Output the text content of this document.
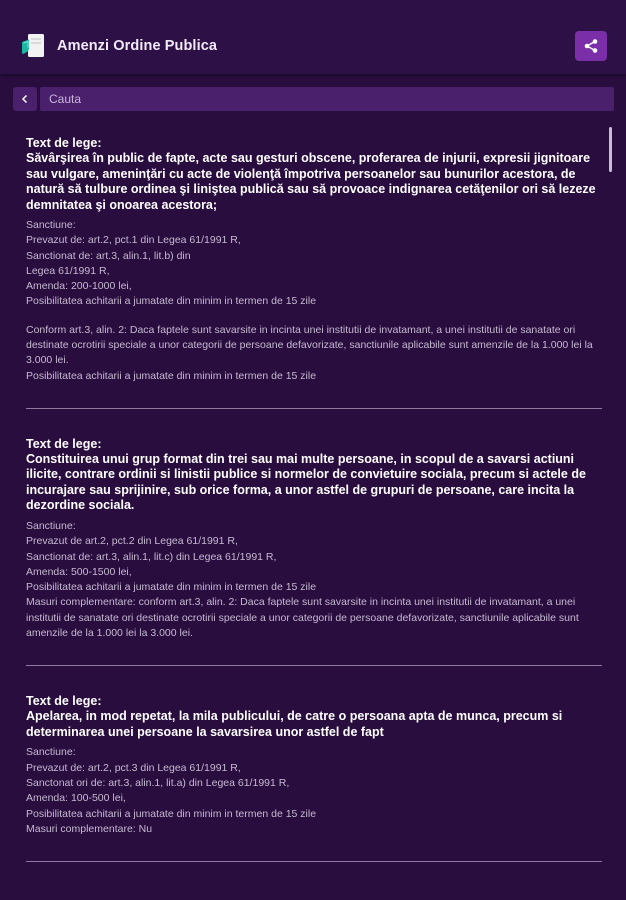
Amenzi Ordine Publica
Cauta
Text de lege:
Săvârşirea în public de fapte, acte sau gesturi obscene, proferarea de injurii, expresii jignitoare sau vulgare, ameninţări cu acte de violenţă împotriva persoanelor sau bunurilor acestora, de natură să tulbure ordinea şi liniştea publică sau să provoace indignarea cetăţenilor ori să lezeze demnitatea şi onoarea acestora;
Sanctiune:
Prevazut de: art.2, pct.1 din Legea 61/1991 R,
Sanctionat de: art.3, alin.1, lit.b) din
Legea 61/1991 R,
Amenda: 200-1000 lei,
Posibilitatea achitarii a jumatate din minim in termen de 15 zile
Conform art.3, alin. 2: Daca faptele sunt savarsite in incinta unei institutii de invatamant, a unei institutii de sanatate ori destinate ocrotirii speciale a unor categorii de persoane defavorizate, sanctiunile aplicabile sunt amenzile de la 1.000 lei la 3.000 lei.
Posibilitatea achitarii a jumatate din minim in termen de 15 zile
Text de lege:
Constituirea unui grup format din trei sau mai multe persoane, in scopul de a savarsi actiuni ilicite, contrare ordinii si linistii publice si normelor de convietuire sociala, precum si actele de incurajare sau sprijinire, sub orice forma, a unor astfel de grupuri de persoane, care incita la dezordine sociala.
Sanctiune:
Prevazut de art.2, pct.2 din Legea 61/1991 R,
Sanctionat de: art.3, alin.1, lit.c) din Legea 61/1991 R,
Amenda: 500-1500 lei,
Posibilitatea achitarii a jumatate din minim in termen de 15 zile
Masuri complementare: conform art.3, alin. 2: Daca faptele sunt savarsite in incinta unei institutii de invatamant, a unei institutii de sanatate ori destinate ocrotirii speciale a unor categorii de persoane defavorizate, sanctiunile aplicabile sunt amenzile de la 1.000 lei la 3.000 lei.
Text de lege:
Apelarea, in mod repetat, la mila publicului, de catre o persoana apta de munca, precum si determinarea unei persoane la savarsirea unor astfel de fapt
Sanctiune:
Prevazut de: art.2, pct.3 din Legea 61/1991 R,
Sanctonat ori de: art.3, alin.1, lit.a) din Legea 61/1991 R,
Amenda: 100-500 lei,
Posibilitatea achitarii a jumatate din minim in termen de 15 zile
Masuri complementare: Nu
